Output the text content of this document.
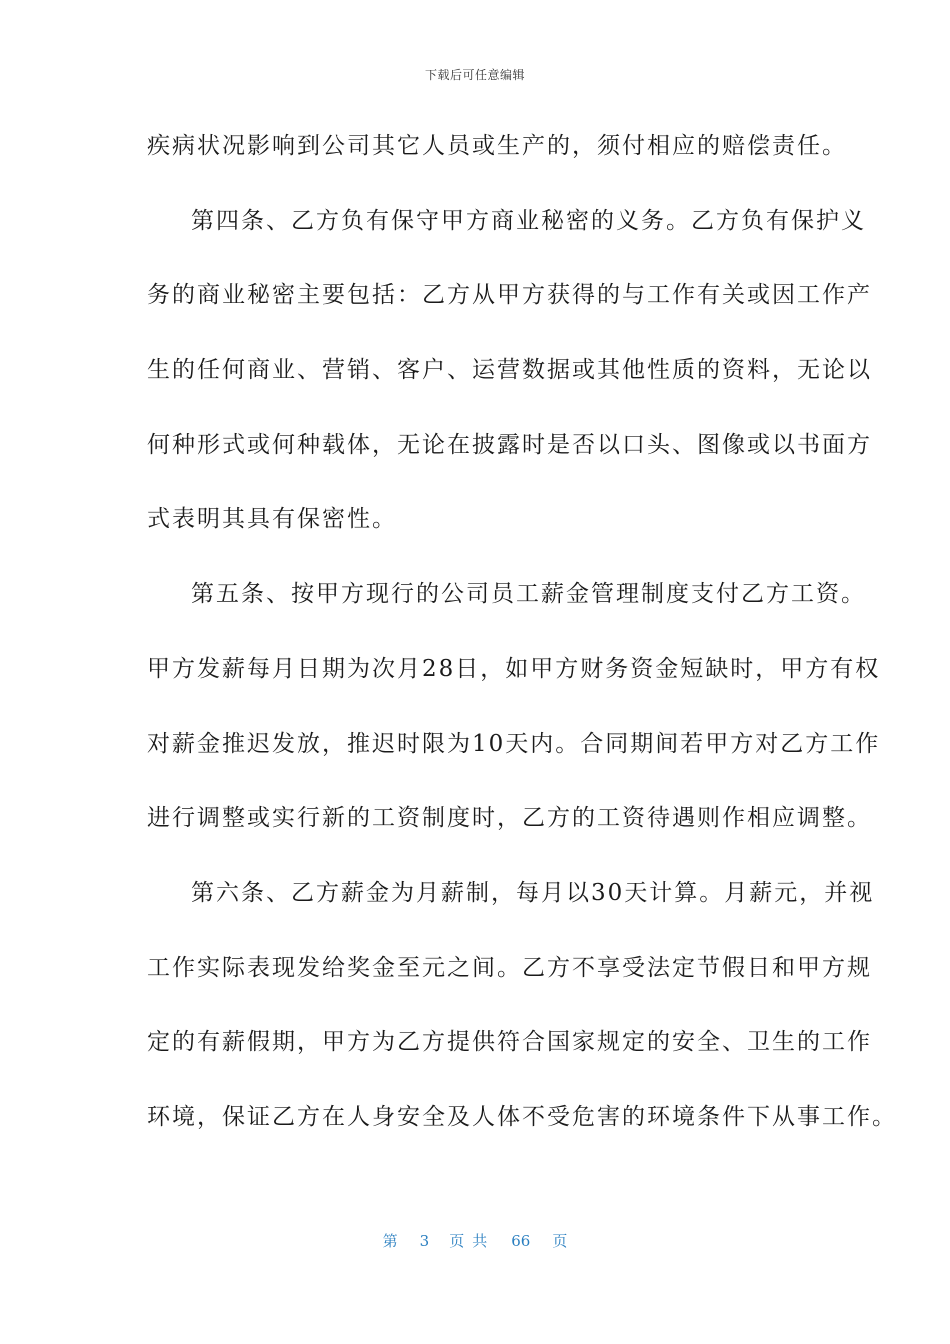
下载后可任意编辑
疾病状况影响到公司其它人员或生产的，须付相应的赔偿责任。
第四条、乙方负有保守甲方商业秘密的义务。乙方负有保护义
务的商业秘密主要包括：乙方从甲方获得的与工作有关或因工作产
生的任何商业、营销、客户、运营数据或其他性质的资料，无论以
何种形式或何种载体，无论在披露时是否以口头、图像或以书面方
式表明其具有保密性。
第五条、按甲方现行的公司员工薪金管理制度支付乙方工资。
甲方发薪每月日期为次月28日，如甲方财务资金短缺时，甲方有权
对薪金推迟发放，推迟时限为10天内。合同期间若甲方对乙方工作
进行调整或实行新的工资制度时，乙方的工资待遇则作相应调整。
第六条、乙方薪金为月薪制，每月以30天计算。月薪元，并视
工作实际表现发给奖金至元之间。乙方不享受法定节假日和甲方规
定的有薪假期，甲方为乙方提供符合国家规定的安全、卫生的工作
环境，保证乙方在人身安全及人体不受危害的环境条件下从事工作。
第 3 页 共 66 页
